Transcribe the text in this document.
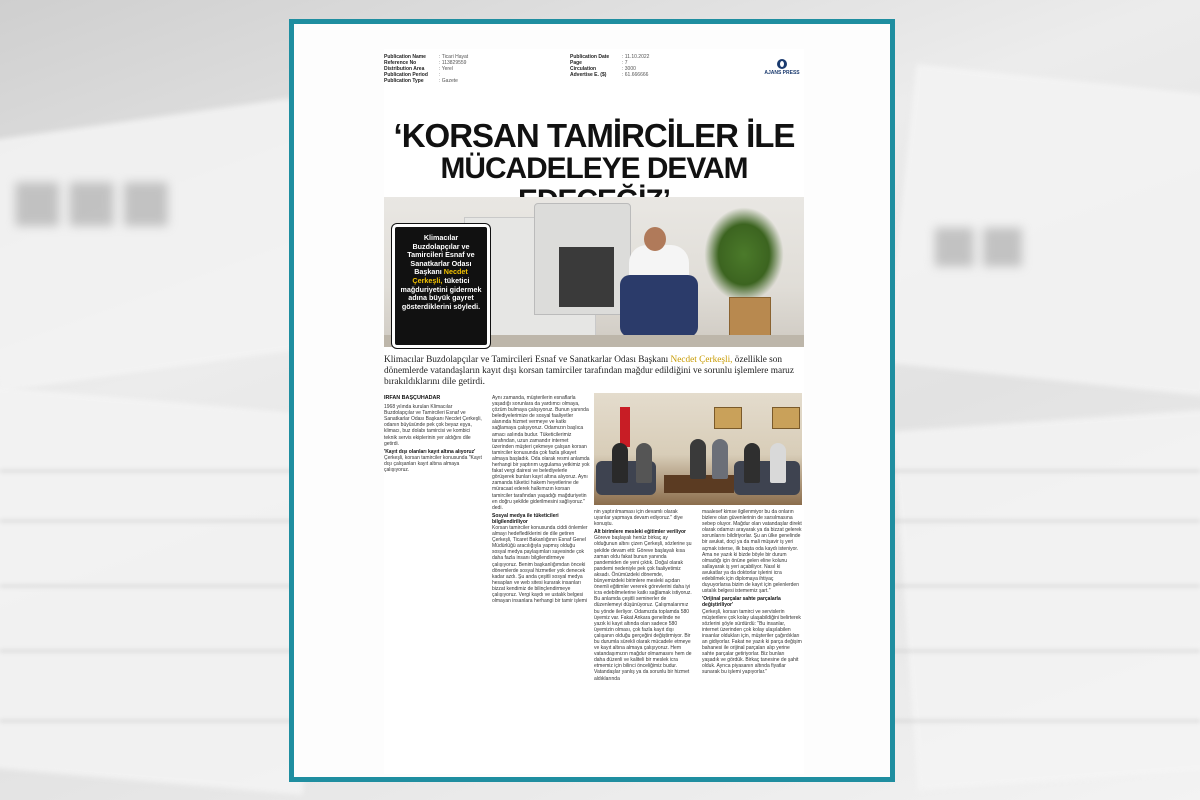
■■■	■■
Publication Name	: Ticari Hayat
Reference No	: 113829559
Distribution Area	: Yerel
Publication Period :
Publication Type	: Gazete
Publication Date	: 11.10.2022
Page	: 7
Circulation	: 3000
Advertise E. ($)	: 61.666666	AJANS PRESS
‘KORSAN TAMİRCİLER İLE
MÜCADELEYE DEVAM

Klimacılar Buzdolapçılar ve Tamircileri Esnaf ve Sanatkarlar Odası Başkanı Necdet Çerkeşli, tüketici mağduriyetini gidermek adına büyük gayret gösterdiklerini söyledi.

Klimacılar Buzdolapçılar ve Tamircileri Esnaf ve Sanatkarlar Odası Başkanı Necdet Çerkeşli, özellikle son dönemlerde vatandaşların kayıt dışı korsan tamirciler tarafından mağdur edildiğini ve sorunlu işlemlere maruz bırakıldıklarını dile getirdi.
İRFAN BAŞÇUHADAR
1968 yılında kurulan Klimacılar Buzdolapçılar ve Tamircileri Esnaf ve Sanatkarlar Odası Başkanı Necdet Çerkeşli, odanın büyüsünde pek çok beyaz eşya, klimacı, buz dolabı tamircisi ve kombici teknik servis ekiplerinin yer aldığını dile getirdi.
'Kayıt dışı olanları kayıt altına alıyoruz'
Çerkeşli, korsan tamirciler konusunda "Kayıt dışı çalışanları kayıt altına almaya çalışıyoruz.
Aynı zamanda, müşterilerin esnaflarla yaşadığı sorunlara da yardımcı olmaya, çözüm bulmaya çalışıyoruz. Bunun yanında belediyelerimize de sosyal faaliyetler alanında hizmet vermeye ve katkı sağlamaya çalışıyoruz. Odamızın başlıca amacı aslında budur. Tüketicilerimiz tarafından, uzun zamandır internet üzerinden müşteri çekmeye çalışan korsan tamirciler konusunda çok fazla şikayet almaya başladık. Oda olarak resmi anlamda herhangi bir yaptırım uygulama yetkimiz yok fakat vergi dairesi ve belediyelerle görüşerek bunları kayıt altına alıyoruz. Aynı zamanda tüketici hakem heyetlerine de müracaat ederek halkımızın korsan tamirciler tarafından yaşadığı mağduriyetin en doğru şekilde giderilmesini sağlıyoruz." dedi.
Sosyal medya ile tüketicileri bilgilendiriliyor
Korsan tamirciler konusunda ciddi önlemler almayı hedeflediklerini de dile getiren Çerkeşli, Ticaret Bakanlığının Esnaf Genel Müdürlüğü aracılığıyla yapmış olduğu sosyal medya paylaşımları sayesinde çok daha fazla insanı bilgilendirmeye çalışıyoruz. Benim başkanlığımdan önceki dönemlerde sosyal hizmetler yok denecek kadar azdı. Şu anda çeşitli sosyal medya hesapları ve web sitesi kurarak insanları bizzat kendimiz de bilinçlendirmeye çalışıyoruz. Vergi kaydı ve ustalık belgesi olmayan insanlara herhangi bir tamir işlemi
nin yaptırılmaması için devamlı olarak uyarılar yapmaya devam ediyoruz." diye konuştu.
Alt birimlere mesleki eğitimler veriliyor
Göreve başlayalı henüz birkaç ay olduğunun altını çizen Çerkeşli, sözlerine şu şekilde devam etti: Göreve başlayalı kısa zaman oldu fakat bunun yanında pandemiden de yeni çıktık. Doğal olarak pandemi nedeniyle pek çok faaliyetimiz aksadı. Önümüzdeki dönemde, bünyemizdeki birimlere mesleki açıdan önemli eğitimler vererek görevlerini daha iyi icra edebilmelerine katkı sağlamak istiyoruz. Bu anlamda çeşitli seminerler de düzenlemeyi düşünüyoruz. Çalışmalarımız bu yönde ilerliyor. Odamızda toplamda 580 üyemiz var. Fakat Ankara genelinde ne yazık ki kayıt altında olan sadece 580 üyemizin olması, çok fazla kayıt dışı çalışanın olduğu gerçeğini değiştirmiyor. Bir bu durumla sürekli olarak mücadele etmeye ve kayıt altına almaya çalışıyoruz. Hem vatandaşımızın mağdur olmamasını hem de daha düzenli ve kaliteli bir meslek icra etmemiz için bilinci önceliğimiz budur. Vatandaşlar yanlış ya da sorunlu bir hizmet aldıklarında
maalesef kimse ilgilenmiyor bu da onların bizlere olan güvenlerinin de sarsılmasına sebep oluyor. Mağdur olan vatandaşlar direkt olarak odamızı arayarak ya da bizzat gelerek sorunlarını bildiriyorlar. Şu an ülke genelinde bir avukat, doçi ya da mali müşavir iş yeri açmak isterse, ilk başta oda kaydı isteniyor. Ama ne yazık ki bizde böyle bir durum olmadığı için önüne gelen eline kolunu sallayarak iş yeri açabiliyor. Nasıl ki avukatlar ya da doktorlar işlerini icra edebilmek için diplomaya ihtiyaç duyuyorlarsa bizim de kayıt için gelenlerden ustalık belgesi istememiz şart."
'Orijinal parçalar sahte parçalarla değiştiriliyor'
Çerkeşli, korsan tamirci ve servislerin müşterilere çok kolay ulaşabildiğini belirterek sözlerini şöyle sürdürdü: "Bu insanlar, internet üzerinden çok kolay ulaşılabilen insanlar oldukları için, müşteriler çağırdıkları an gidiyorlar. Fakat ne yazık ki parça değişim bahanesi ile orijinal parçaları alıp yerine sahte parçalar getiriyorlar. Biz bunları yaşadık ve gördük. Birkaç tanesine de şahit olduk. Ayrıca piyasanın altında fiyatlar sunarak bu işlemi yapıyorlar."
